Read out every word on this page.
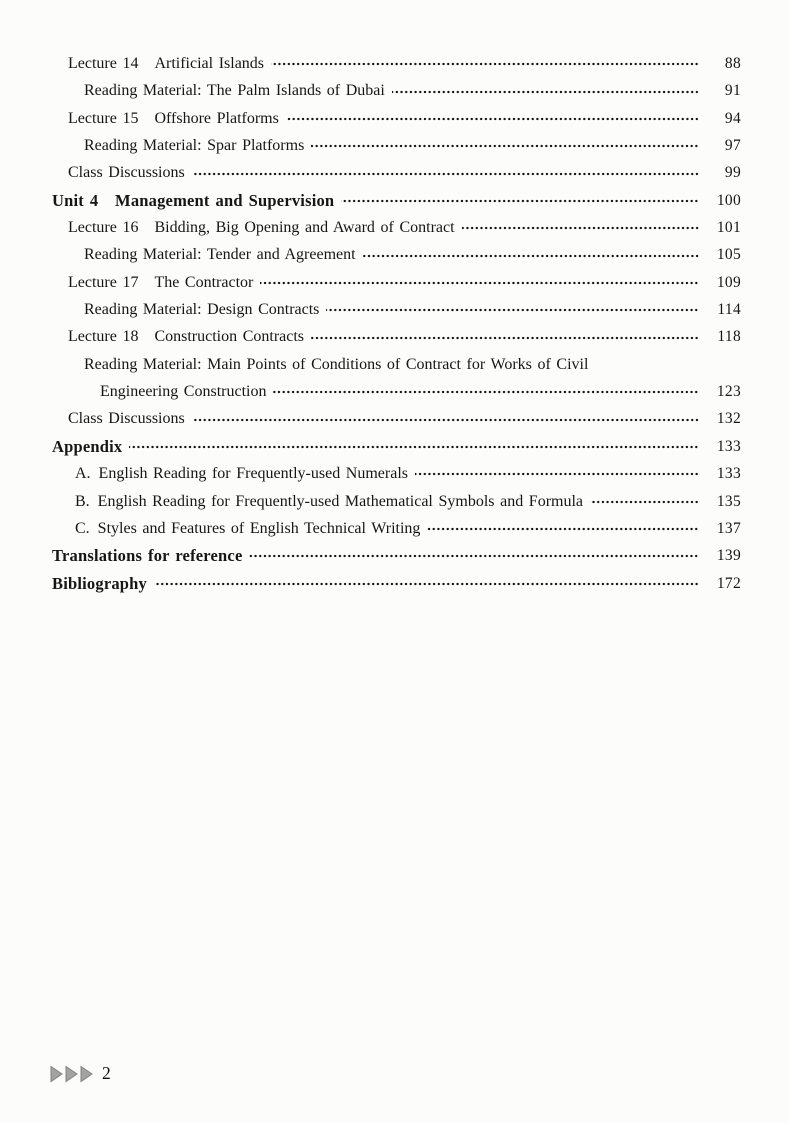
Lecture 14 Artificial Islands	88
Reading Material: The Palm Islands of Dubai	91
Lecture 15 Offshore Platforms	94
Reading Material: Spar Platforms	97
Class Discussions	99
Unit 4 Management and Supervision	100
Lecture 16 Bidding, Big Opening and Award of Contract	101
Reading Material: Tender and Agreement	105
Lecture 17 The Contractor	109
Reading Material: Design Contracts	114
Lecture 18 Construction Contracts	118
Reading Material: Main Points of Conditions of Contract for Works of Civil
Engineering Construction	123
Class Discussions	132
Appendix	133
A. English Reading for Frequently-used Numerals	133
B. English Reading for Frequently-used Mathematical Symbols and Formula	135
C. Styles and Features of English Technical Writing	137
Translations for reference	139
Bibliography	172
2
